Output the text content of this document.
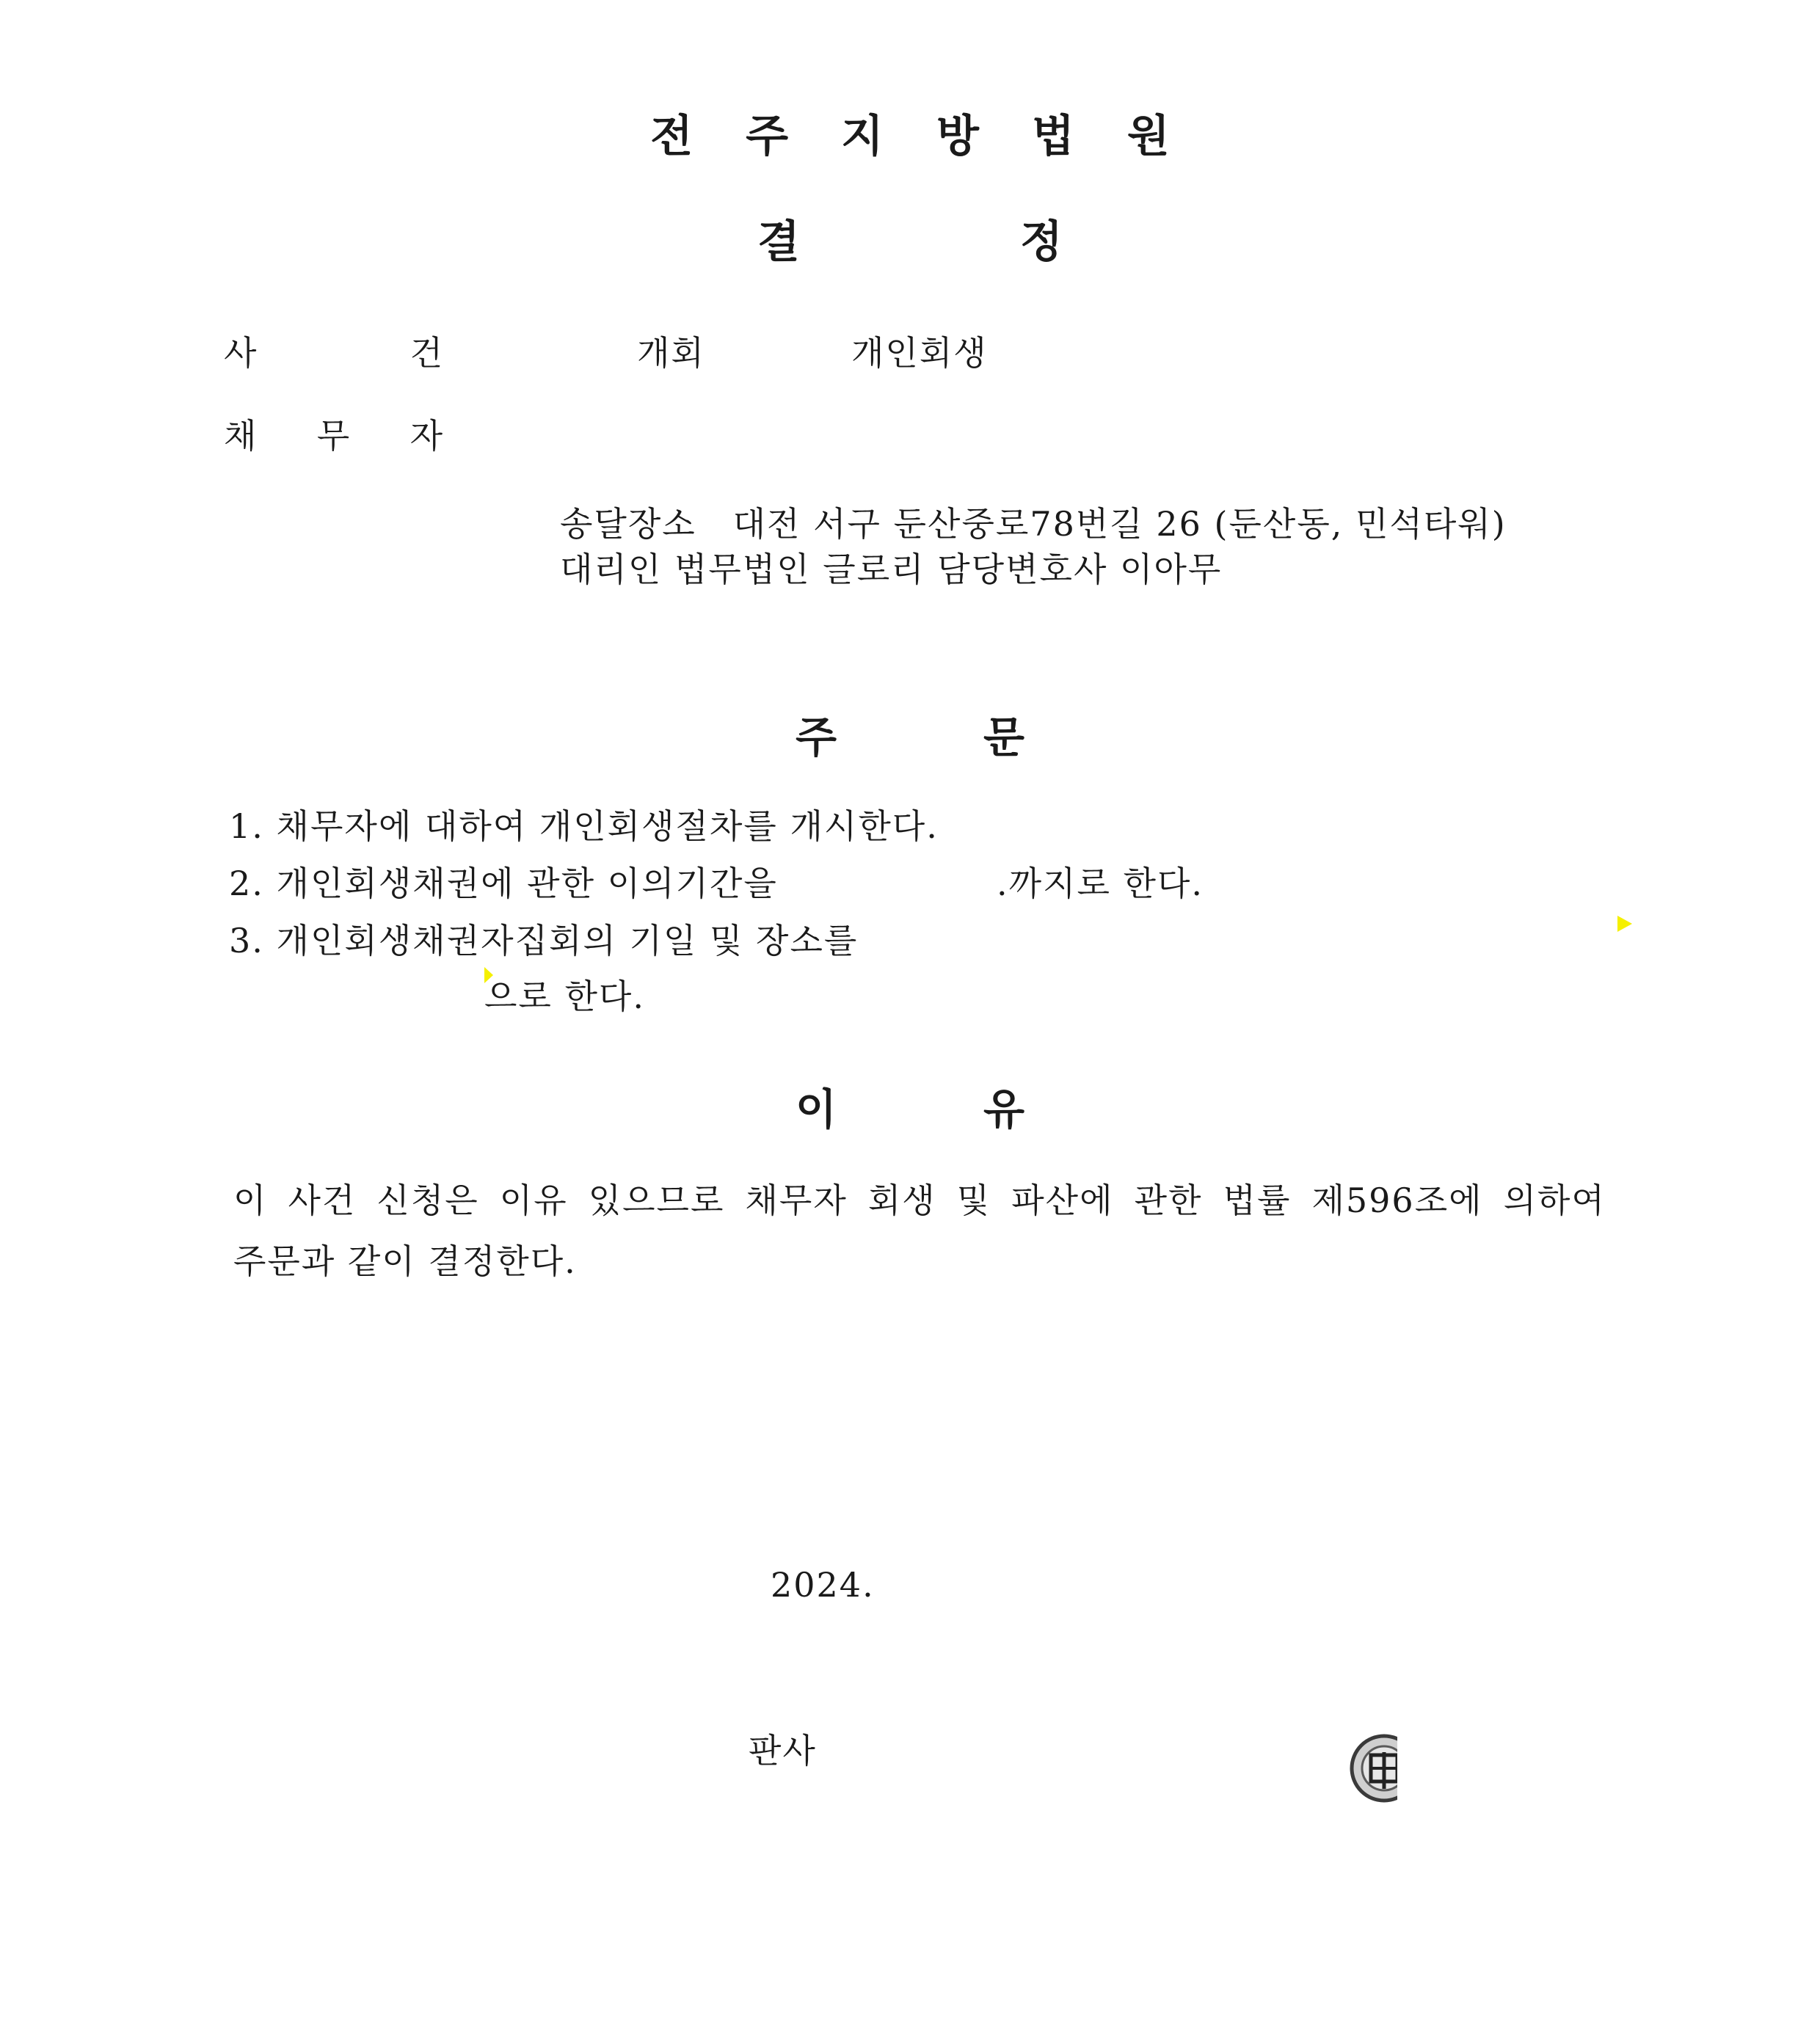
전주지방법원
결정
사	건	개회	개인회생
채 무 자
송달장소   대전 서구 둔산중로78번길 26 (둔산동, 민석타워)
대리인 법무법인 글로리 담당변호사 이아무
주문
1. 채무자에 대하여 개인회생절차를 개시한다.
2. 개인회생채권에 관한 이의기간을	.까지로 한다.
3. 개인회생채권자집회의 기일 및 장소를
으로 한다.
이유
이 사건 신청은 이유 있으므로 채무자 회생 및 파산에 관한 법률 제596조에 의하여
주문과 같이 결정한다.
2024.
판사
